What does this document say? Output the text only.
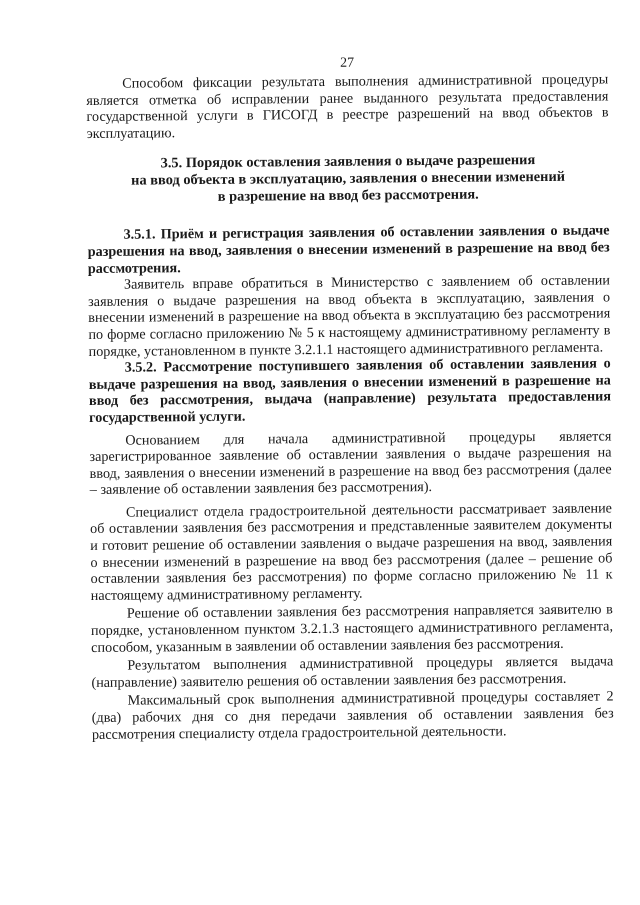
27

Способом фиксации результата выполнения административной процедуры является отметка об исправлении ранее выданного результата предоставления государственной услуги в ГИСОГД в реестре разрешений на ввод объектов в эксплуатацию.

3.5. Порядок оставления заявления о выдаче разрешения
на ввод объекта в эксплуатацию, заявления о внесении изменений
в разрешение на ввод без рассмотрения.

3.5.1. Приём и регистрация заявления об оставлении заявления о выдаче разрешения на ввод, заявления о внесении изменений в разрешение на ввод без рассмотрения.

Заявитель вправе обратиться в Министерство с заявлением об оставлении заявления о выдаче разрешения на ввод объекта в эксплуатацию, заявления о внесении изменений в разрешение на ввод объекта в эксплуатацию без рассмотрения по форме согласно приложению № 5 к настоящему административному регламенту в порядке, установленном в пункте 3.2.1.1 настоящего административного регламента.

3.5.2. Рассмотрение поступившего заявления об оставлении заявления о выдаче разрешения на ввод, заявления о внесении изменений в разрешение на ввод без рассмотрения, выдача (направление) результата предоставления государственной услуги.

Основанием для начала административной процедуры является зарегистрированное заявление об оставлении заявления о выдаче разрешения на ввод, заявления о внесении изменений в разрешение на ввод без рассмотрения (далее – заявление об оставлении заявления без рассмотрения).

Специалист отдела градостроительной деятельности рассматривает заявление об оставлении заявления без рассмотрения и представленные заявителем документы и готовит решение об оставлении заявления о выдаче разрешения на ввод, заявления о внесении изменений в разрешение на ввод без рассмотрения (далее – решение об оставлении заявления без рассмотрения) по форме согласно приложению № 11 к настоящему административному регламенту.

Решение об оставлении заявления без рассмотрения направляется заявителю в порядке, установленном пунктом 3.2.1.3 настоящего административного регламента, способом, указанным в заявлении об оставлении заявления без рассмотрения.

Результатом выполнения административной процедуры является выдача (направление) заявителю решения об оставлении заявления без рассмотрения.

Максимальный срок выполнения административной процедуры составляет 2 (два) рабочих дня со дня передачи заявления об оставлении заявления без рассмотрения специалисту отдела градостроительной деятельности.
